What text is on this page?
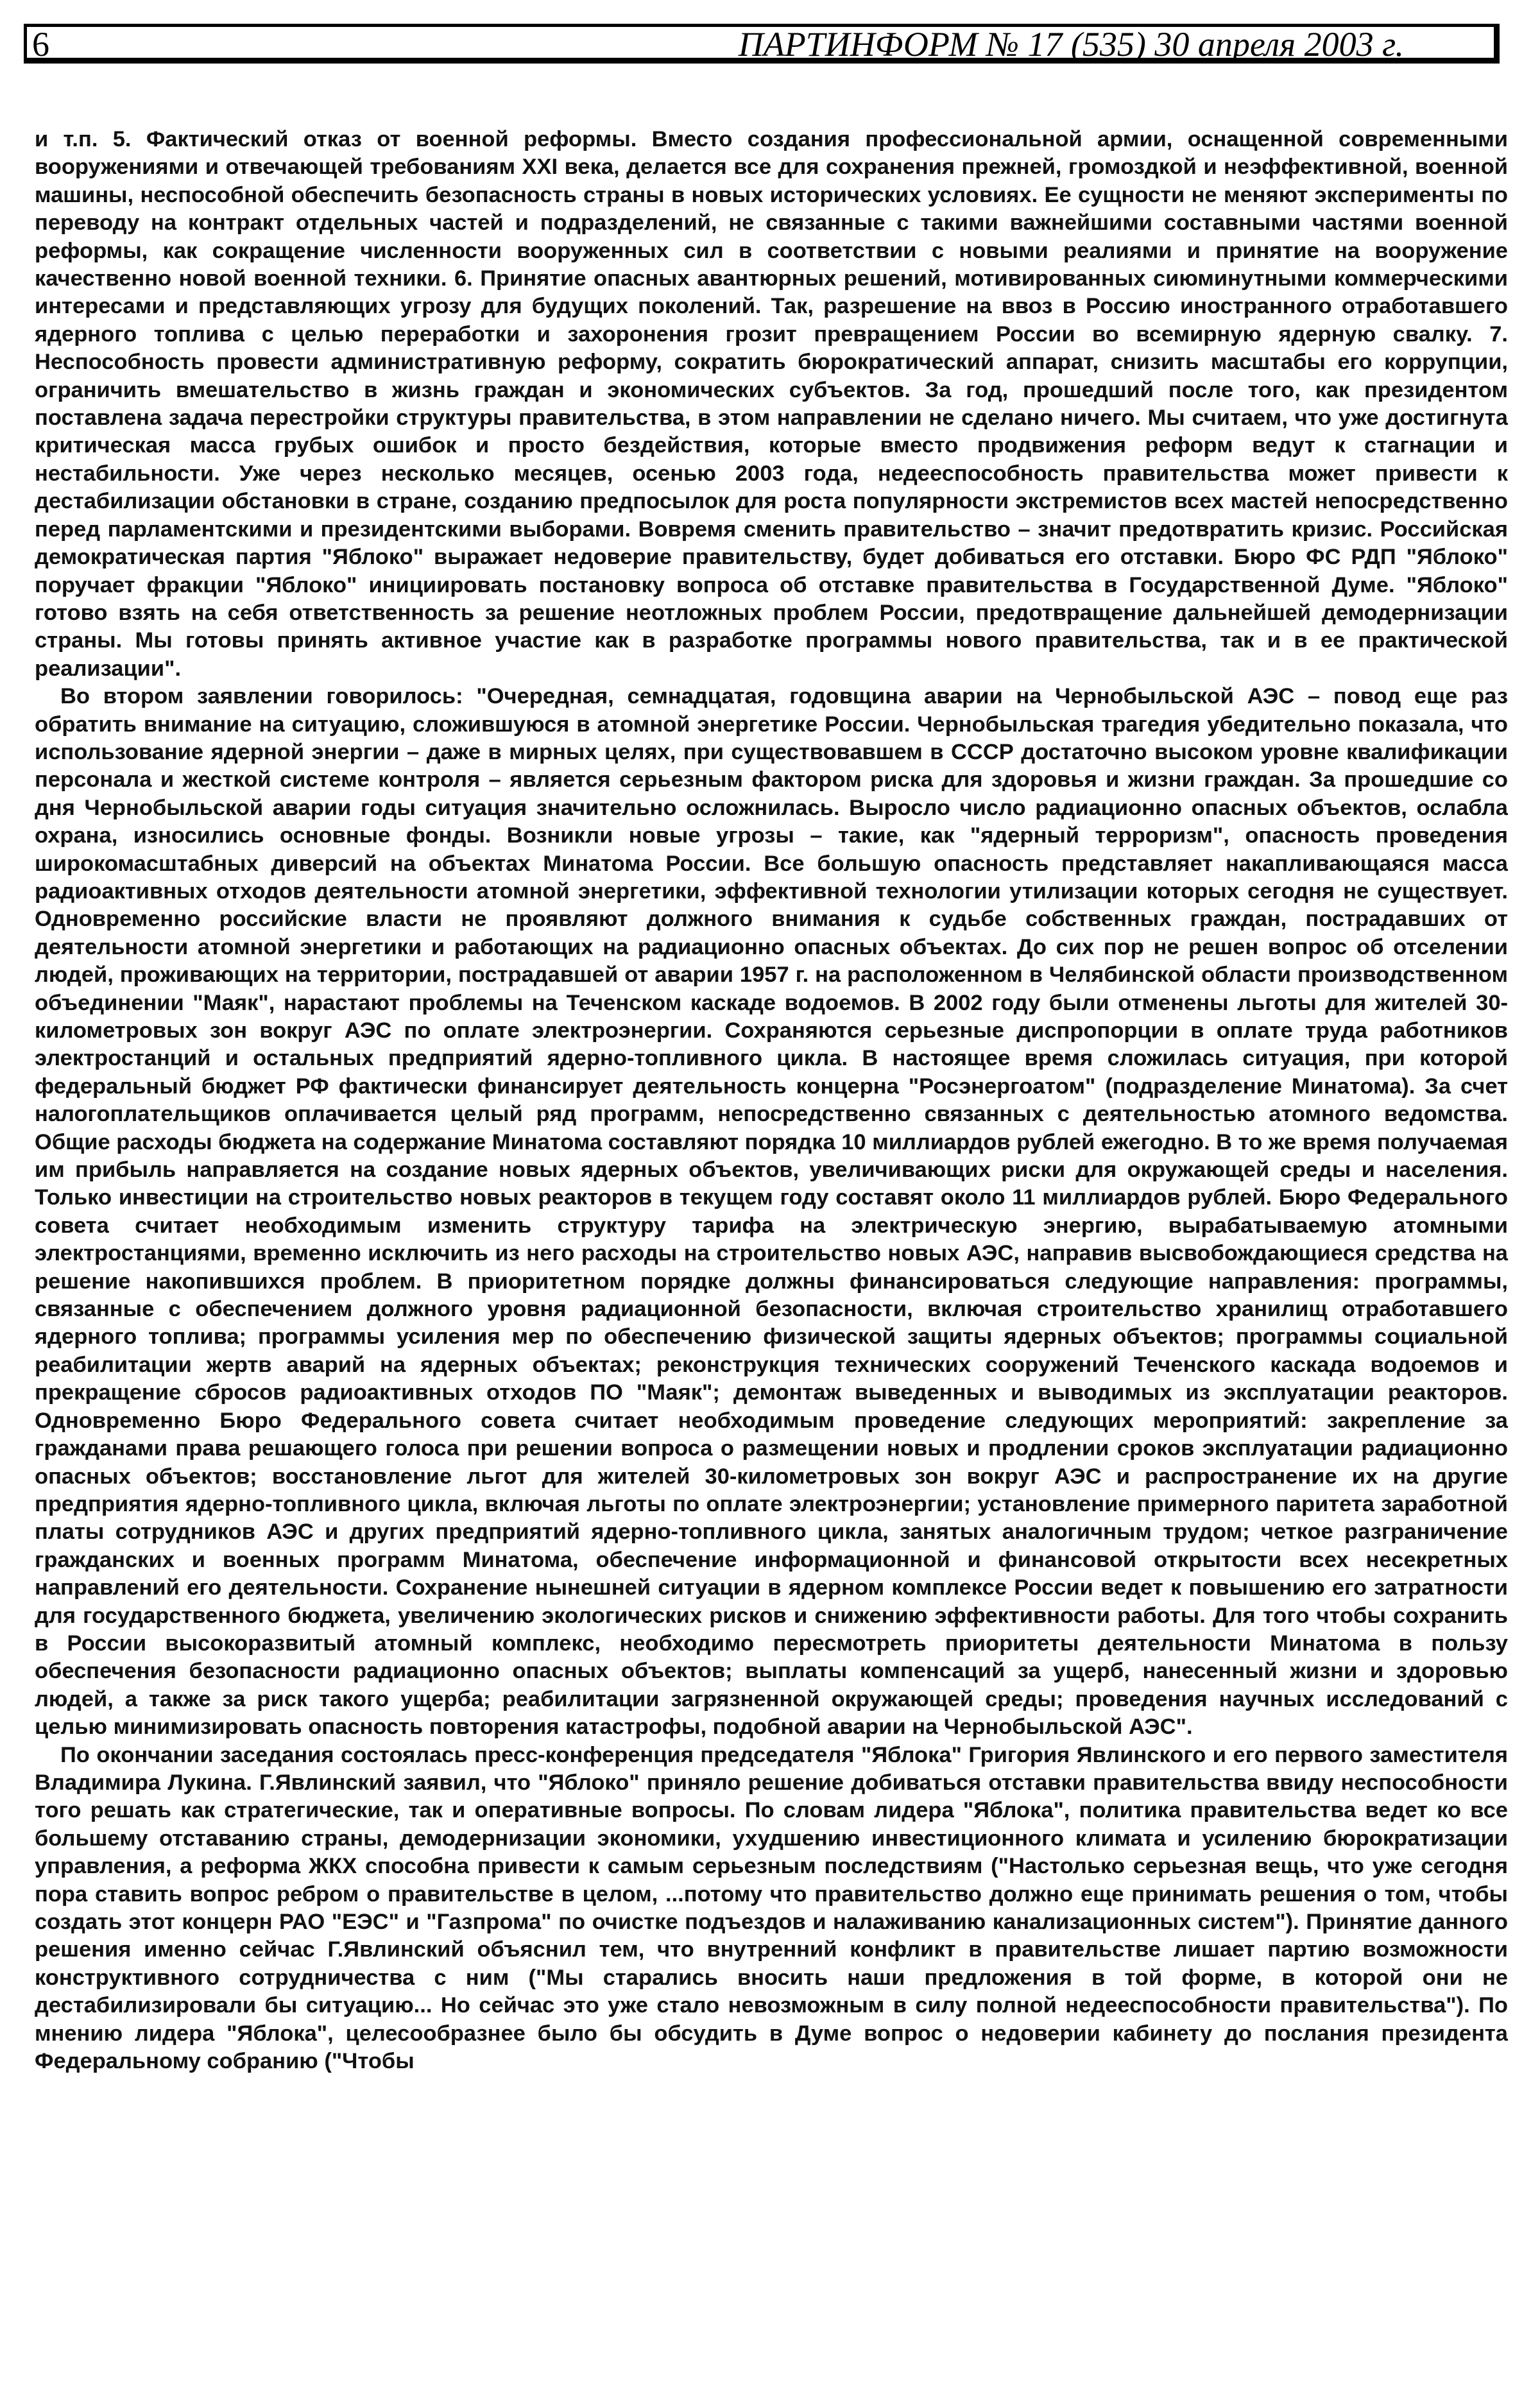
6	ПАРТИНФОРМ № 17 (535) 30 апреля 2003 г.

и т.п. 5. Фактический отказ от военной реформы. Вместо создания профессиональной армии, оснащенной современными вооружениями и отвечающей требованиям XXI века, делается все для сохранения прежней, громоздкой и неэффективной, военной машины, неспособной обеспечить безопасность страны в новых исторических условиях. Ее сущности не меняют эксперименты по переводу на контракт отдельных частей и подразделений, не связанные с такими важнейшими составными частями военной реформы, как сокращение численности вооруженных сил в соответствии с новыми реалиями и принятие на вооружение качественно новой военной техники. 6. Принятие опасных авантюрных решений, мотивированных сиюминутными коммерческими интересами и представляющих угрозу для будущих поколений. Так, разрешение на ввоз в Россию иностранного отработавшего ядерного топлива с целью переработки и захоронения грозит превращением России во всемирную ядерную свалку. 7. Неспособность провести административную реформу, сократить бюрократический аппарат, снизить масштабы его коррупции, ограничить вмешательство в жизнь граждан и экономических субъектов. За год, прошедший после того, как президентом поставлена задача перестройки структуры правительства, в этом направлении не сделано ничего. Мы считаем, что уже достигнута критическая масса грубых ошибок и просто бездействия, которые вместо продвижения реформ ведут к стагнации и нестабильности. Уже через несколько месяцев, осенью 2003 года, недееспособность правительства может привести к дестабилизации обстановки в стране, созданию предпосылок для роста популярности экстремистов всех мастей непосредственно перед парламентскими и президентскими выборами. Вовремя сменить правительство – значит предотвратить кризис. Российская демократическая партия "Яблоко" выражает недоверие правительству, будет добиваться его отставки. Бюро ФС РДП "Яблоко" поручает фракции "Яблоко" инициировать постановку вопроса об отставке правительства в Государственной Думе. "Яблоко" готово взять на себя ответственность за решение неотложных проблем России, предотвращение дальнейшей демодернизации страны. Мы готовы принять активное участие как в разработке программы нового правительства, так и в ее практической реализации".

Во втором заявлении говорилось: "Очередная, семнадцатая, годовщина аварии на Чернобыльской АЭС – повод еще раз обратить внимание на ситуацию, сложившуюся в атомной энергетике России. Чернобыльская трагедия убедительно показала, что использование ядерной энергии – даже в мирных целях, при существовавшем в СССР достаточно высоком уровне квалификации персонала и жесткой системе контроля – является серьезным фактором риска для здоровья и жизни граждан. За прошедшие со дня Чернобыльской аварии годы ситуация значительно осложнилась. Выросло число радиационно опасных объектов, ослабла охрана, износились основные фонды. Возникли новые угрозы – такие, как "ядерный терроризм", опасность проведения широкомасштабных диверсий на объектах Минатома России. Все большую опасность представляет накапливающаяся масса радиоактивных отходов деятельности атомной энергетики, эффективной технологии утилизации которых сегодня не существует. Одновременно российские власти не проявляют должного внимания к судьбе собственных граждан, пострадавших от деятельности атомной энергетики и работающих на радиационно опасных объектах. До сих пор не решен вопрос об отселении людей, проживающих на территории, пострадавшей от аварии 1957 г. на расположенном в Челябинской области производственном объединении "Маяк", нарастают проблемы на Теченском каскаде водоемов. В 2002 году были отменены льготы для жителей 30-километровых зон вокруг АЭС по оплате электроэнергии. Сохраняются серьезные диспропорции в оплате труда работников электростанций и остальных предприятий ядерно-топливного цикла. В настоящее время сложилась ситуация, при которой федеральный бюджет РФ фактически финансирует деятельность концерна "Росэнергоатом" (подразделение Минатома). За счет налогоплательщиков оплачивается целый ряд программ, непосредственно связанных с деятельностью атомного ведомства. Общие расходы бюджета на содержание Минатома составляют порядка 10 миллиардов рублей ежегодно. В то же время получаемая им прибыль направляется на создание новых ядерных объектов, увеличивающих риски для окружающей среды и населения. Только инвестиции на строительство новых реакторов в текущем году составят около 11 миллиардов рублей. Бюро Федерального совета считает необходимым изменить структуру тарифа на электрическую энергию, вырабатываемую атомными электростанциями, временно исключить из него расходы на строительство новых АЭС, направив высвобождающиеся средства на решение накопившихся проблем. В приоритетном порядке должны финансироваться следующие направления: программы, связанные с обеспечением должного уровня радиационной безопасности, включая строительство хранилищ отработавшего ядерного топлива; программы усиления мер по обеспечению физической защиты ядерных объектов; программы социальной реабилитации жертв аварий на ядерных объектах; реконструкция технических сооружений Теченского каскада водоемов и прекращение сбросов радиоактивных отходов ПО "Маяк"; демонтаж выведенных и выводимых из эксплуатации реакторов. Одновременно Бюро Федерального совета считает необходимым проведение следующих мероприятий: закрепление за гражданами права решающего голоса при решении вопроса о размещении новых и продлении сроков эксплуатации радиационно опасных объектов; восстановление льгот для жителей 30-километровых зон вокруг АЭС и распространение их на другие предприятия ядерно-топливного цикла, включая льготы по оплате электроэнергии; установление примерного паритета заработной платы сотрудников АЭС и других предприятий ядерно-топливного цикла, занятых аналогичным трудом; четкое разграничение гражданских и военных программ Минатома, обеспечение информационной и финансовой открытости всех несекретных направлений его деятельности. Сохранение нынешней ситуации в ядерном комплексе России ведет к повышению его затратности для государственного бюджета, увеличению экологических рисков и снижению эффективности работы. Для того чтобы сохранить в России высокоразвитый атомный комплекс, необходимо пересмотреть приоритеты деятельности Минатома в пользу обеспечения безопасности радиационно опасных объектов; выплаты компенсаций за ущерб, нанесенный жизни и здоровью людей, а также за риск такого ущерба; реабилитации загрязненной окружающей среды; проведения научных исследований с целью минимизировать опасность повторения катастрофы, подобной аварии на Чернобыльской АЭС".

По окончании заседания состоялась пресс-конференция председателя "Яблока" Григория Явлинского и его первого заместителя Владимира Лукина. Г.Явлинский заявил, что "Яблоко" приняло решение добиваться отставки правительства ввиду неспособности того решать как стратегические, так и оперативные вопросы. По словам лидера "Яблока", политика правительства ведет ко все большему отставанию страны, демодернизации экономики, ухудшению инвестиционного климата и усилению бюрократизации управления, а реформа ЖКХ способна привести к самым серьезным последствиям ("Настолько серьезная вещь, что уже сегодня пора ставить вопрос ребром о правительстве в целом, ...потому что правительство должно еще принимать решения о том, чтобы создать этот концерн РАО "ЕЭС" и "Газпрома" по очистке подъездов и налаживанию канализационных систем"). Принятие данного решения именно сейчас Г.Явлинский объяснил тем, что внутренний конфликт в правительстве лишает партию возможности конструктивного сотрудничества с ним ("Мы старались вносить наши предложения в той форме, в которой они не дестабилизировали бы ситуацию... Но сейчас это уже стало невозможным в силу полной недееспособности правительства"). По мнению лидера "Яблока", целесообразнее было бы обсудить в Думе вопрос о недоверии кабинету до послания президента Федеральному собранию ("Чтобы
